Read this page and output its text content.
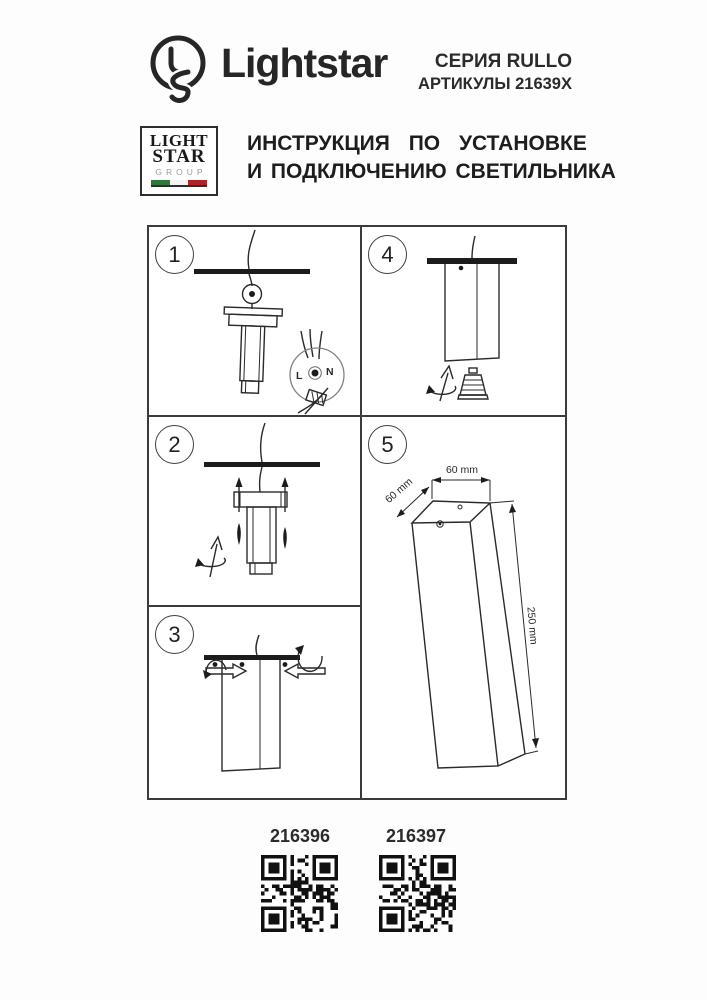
Lightstar	СЕРИЯ RULLO
АРТИКУЛЫ 21639X
LIGHT
STAR
GROUP
ИНСТРУКЦИЯ ПО УСТАНОВКЕ
И ПОДКЛЮЧЕНИЮ СВЕТИЛЬНИКА
L N
1
2
3
4
60 mm
60 mm
250 mm
5
216396	216397
